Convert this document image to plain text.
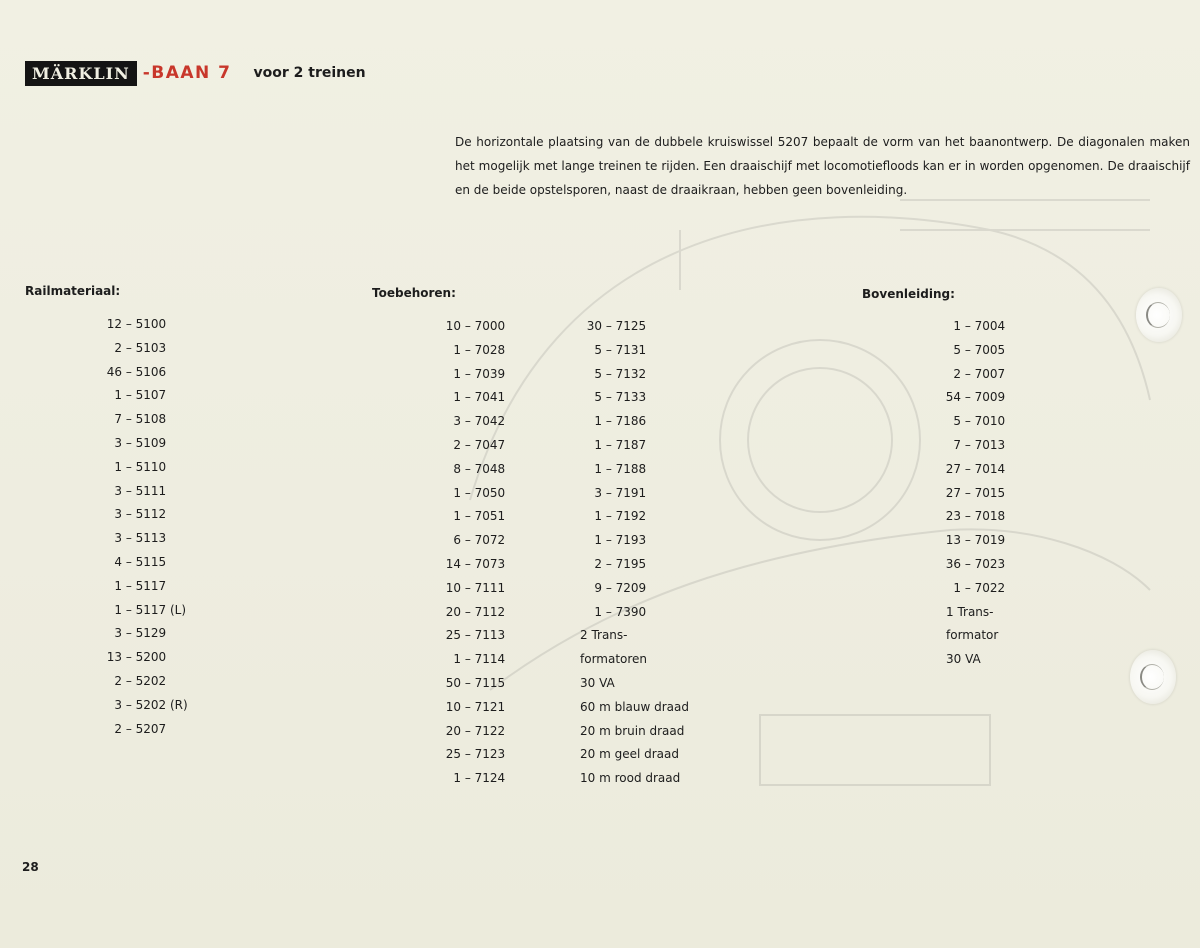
MÄRKLIN -BAAN 7 voor 2 treinen

De horizontale plaatsing van de dubbele kruiswissel 5207 bepaalt de vorm van het baanontwerp. De diagonalen maken het mogelijk met lange treinen te rijden. Een draaischijf met locomotiefloods kan er in worden opgenomen. De draaischijf en de beide opstelsporen, naast de draaikraan, hebben geen bovenleiding.

Railmateriaal:	Toebehoren:	Bovenleiding:
12 – 5100
2 – 5103
46 – 5106
1 – 5107
7 – 5108
3 – 5109
1 – 5110
3 – 5111
3 – 5112
3 – 5113
4 – 5115
1 – 5117
1 – 5117 (L)
3 – 5129
13 – 5200
2 – 5202
3 – 5202 (R)
2 – 5207
10 – 7000
1 – 7028
1 – 7039
1 – 7041
3 – 7042
2 – 7047
8 – 7048
1 – 7050
1 – 7051
6 – 7072
14 – 7073
10 – 7111
20 – 7112
25 – 7113
1 – 7114
50 – 7115
10 – 7121
20 – 7122
25 – 7123
1 – 7124
30 – 7125
5 – 7131
5 – 7132
5 – 7133
1 – 7186
1 – 7187
1 – 7188
3 – 7191
1 – 7192
1 – 7193
2 – 7195
9 – 7209
1 – 7390
2 Trans-
formatoren
30 VA
60 m blauw draad
20 m bruin draad
20 m geel draad
10 m rood draad
1 – 7004
5 – 7005
2 – 7007
54 – 7009
5 – 7010
7 – 7013
27 – 7014
27 – 7015
23 – 7018
13 – 7019
36 – 7023
1 – 7022
1 Trans-
formator
30 VA
28
